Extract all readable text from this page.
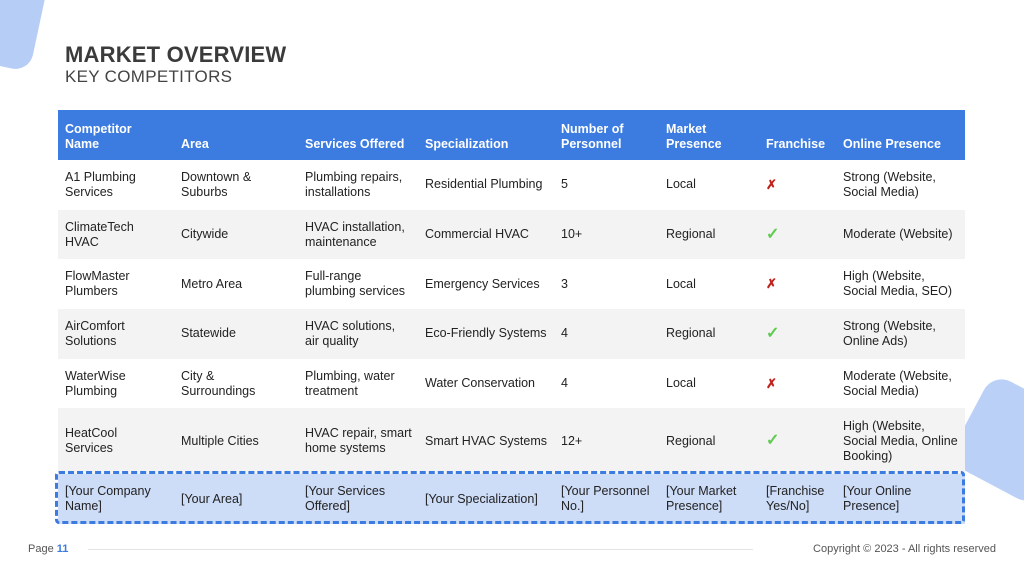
MARKET OVERVIEW
KEY COMPETITORS
Competitor Name	Area	Services Offered	Specialization	Number of Personnel	Market Presence	Franchise	Online Presence
A1 Plumbing Services	Downtown & Suburbs	Plumbing repairs, installations	Residential Plumbing	5	Local	✗	Strong (Website, Social Media)
ClimateTech HVAC	Citywide	HVAC installation, maintenance	Commercial HVAC	10+	Regional	✓	Moderate (Website)
FlowMaster Plumbers	Metro Area	Full-range plumbing services	Emergency Services	3	Local	✗	High (Website, Social Media, SEO)
AirComfort Solutions	Statewide	HVAC solutions, air quality	Eco-Friendly Systems	4	Regional	✓	Strong (Website, Online Ads)
WaterWise Plumbing	City & Surroundings	Plumbing, water treatment	Water Conservation	4	Local	✗	Moderate (Website, Social Media)
HeatCool Services	Multiple Cities	HVAC repair, smart home systems	Smart HVAC Systems	12+	Regional	✓	High (Website, Social Media, Online Booking)
[Your Company Name]	[Your Area]	[Your Services Offered]	[Your Specialization]	[Your Personnel No.]	[Your Market Presence]	[Franchise Yes/No]	[Your Online Presence]
Page 11	Copyright © 2023 - All rights reserved
